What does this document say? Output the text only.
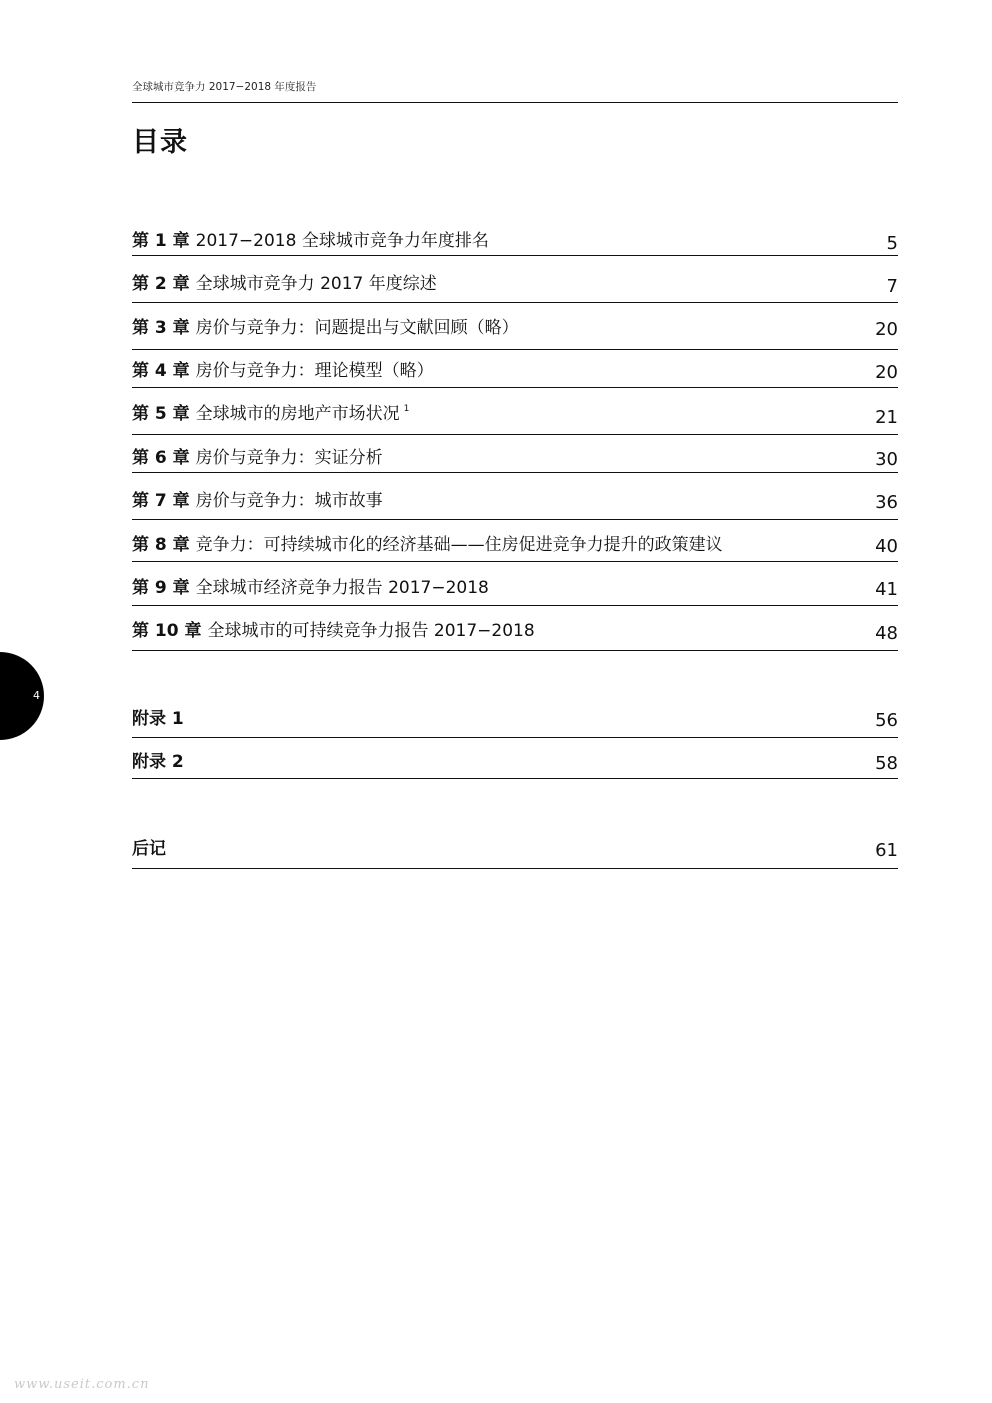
全球城市竞争力 2017−2018 年度报告
目录
第 1 章 2017−2018 全球城市竞争力年度排名	5
第 2 章 全球城市竞争力 2017 年度综述	7
第 3 章 房价与竞争力：问题提出与文献回顾（略）	20
第 4 章 房价与竞争力：理论模型（略）	20
第 5 章 全球城市的房地产市场状况 $^1$	21
第 6 章 房价与竞争力：实证分析	30
第 7 章 房价与竞争力：城市故事	36
第 8 章 竞争力：可持续城市化的经济基础——住房促进竞争力提升的政策建议	40
第 9 章 全球城市经济竞争力报告 2017−2018	41
第 10 章 全球城市的可持续竞争力报告 2017−2018	48
附录 1	56
附录 2	58
后记	61
4
www.useit.com.cn
